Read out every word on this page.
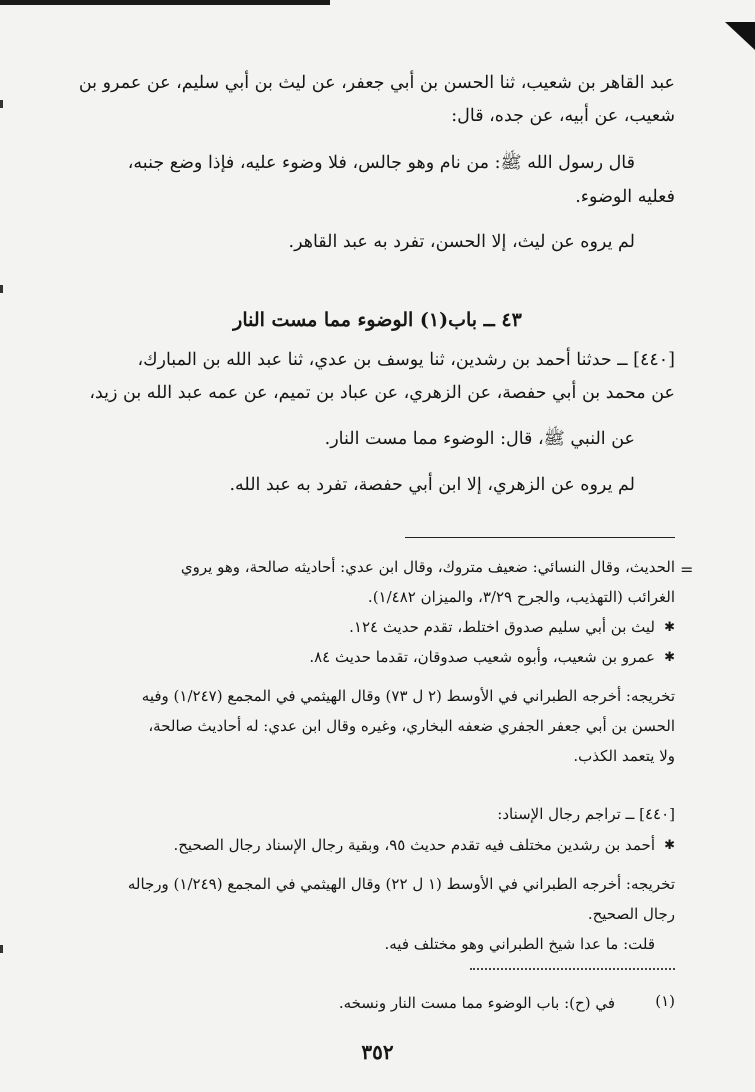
عبد القاهر بن شعيب، ثنا الحسن بن أبي جعفر، عن ليث بن أبي سليم، عن عمرو بن
شعيب، عن أبيه، عن جده، قال:
قال رسول الله ﷺ: من نام وهو جالس، فلا وضوء عليه، فإذا وضع جنبه،
فعليه الوضوء.
لم يروه عن ليث، إلا الحسن، تفرد به عبد القاهر.
٤٣ ــ باب(١) الوضوء مما مست النار
[٤٤٠] ــ حدثنا أحمد بن رشدين، ثنا يوسف بن عدي، ثنا عبد الله بن المبارك،
عن محمد بن أبي حفصة، عن الزهري، عن عباد بن تميم، عن عمه عبد الله بن زيد،
عن النبي ﷺ، قال: الوضوء مما مست النار.
لم يروه عن الزهري، إلا ابن أبي حفصة، تفرد به عبد الله.
=
الحديث، وقال النسائي: ضعيف متروك، وقال ابن عدي: أحاديثه صالحة، وهو يروي
الغرائب (التهذيب، والجرح ٣/٢٩، والميزان ١/٤٨٢).
✱
ليث بن أبي سليم صدوق اختلط، تقدم حديث ١٢٤.
✱
عمرو بن شعيب، وأبوه شعيب صدوقان، تقدما حديث ٨٤.
تخريجه: أخرجه الطبراني في الأوسط (٢ ل ٧٣) وقال الهيثمي في المجمع (١/٢٤٧) وفيه
الحسن بن أبي جعفر الجفري ضعفه البخاري، وغيره وقال ابن عدي: له أحاديث صالحة،
ولا يتعمد الكذب.
[٤٤٠] ــ تراجم رجال الإسناد:
✱
أحمد بن رشدين مختلف فيه تقدم حديث ٩٥، وبقية رجال الإسناد رجال الصحيح.
تخريجه: أخرجه الطبراني في الأوسط (١ ل ٢٢) وقال الهيثمي في المجمع (١/٢٤٩) ورجاله
رجال الصحيح.
قلت: ما عدا شيخ الطبراني وهو مختلف فيه.
(١)
في (ح): باب الوضوء مما مست النار ونسخه.
٣٥٢
